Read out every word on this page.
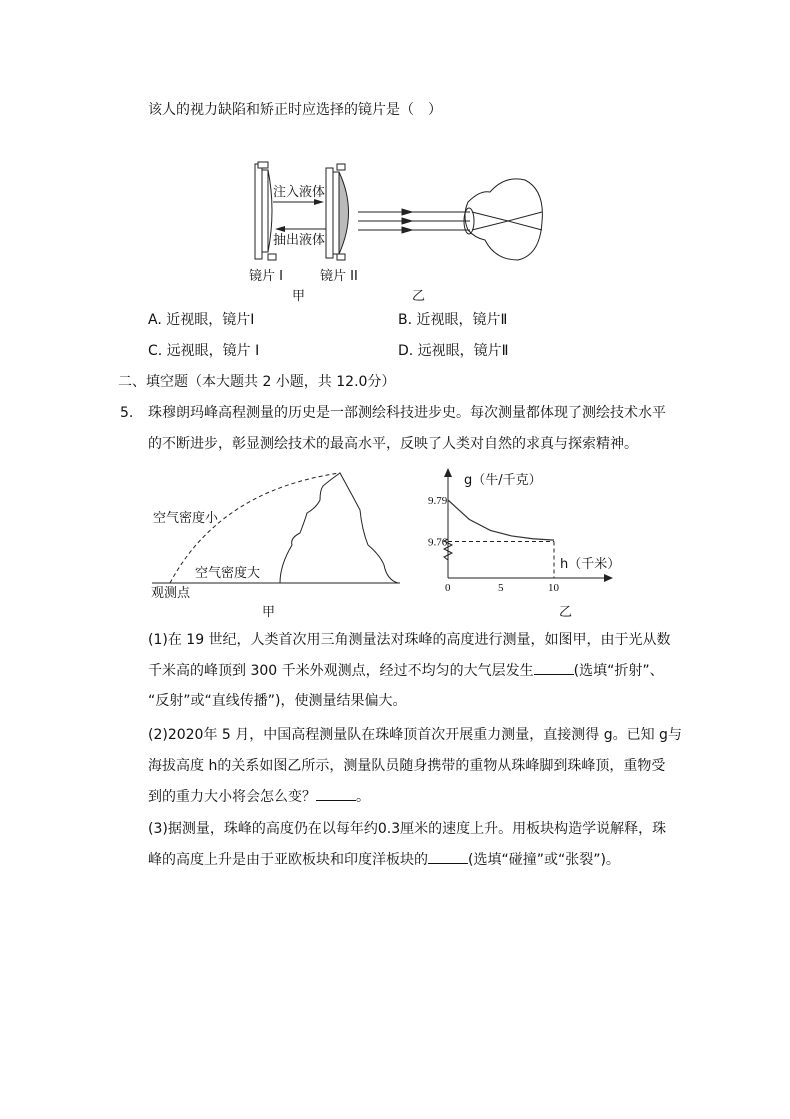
该人的视力缺陷和矫正时应选择的镜片是（　）
注入液体
抽出液体
镜片 I	镜片 II
甲	乙
A. 近视眼，镜片Ⅰ	B. 近视眼，镜片Ⅱ
C. 远视眼，镜片 I	D. 远视眼，镜片Ⅱ
二、填空题（本大题共 2 小题，共 12.0分）
5. 珠穆朗玛峰高程测量的历史是一部测绘科技进步史。每次测量都体现了测绘技术水平
的不断进步，彰显测绘技术的最高水平，反映了人类对自然的求真与探索精神。
空气密度小
空气密度大
观测点
甲
g（牛/千克）
h（千米）
乙
0	5	10
9.79
9.76
(1)在 19 世纪，人类首次用三角测量法对珠峰的高度进行测量，如图甲，由于光从数
千米高的峰顶到 300 千米外观测点，经过不均匀的大气层发生	(选填“折射”、
“反射”或“直线传播”)，使测量结果偏大。
(2)2020年 5 月，中国高程测量队在珠峰顶首次开展重力测量，直接测得 g。已知 g与
海拔高度 h的关系如图乙所示，测量队员随身携带的重物从珠峰脚到珠峰顶，重物受
到的重力大小将会怎么变？	。
(3)据测量，珠峰的高度仍在以每年约0.3厘米的速度上升。用板块构造学说解释，珠
峰的高度上升是由于亚欧板块和印度洋板块的	(选填“碰撞”或“张裂”)。
